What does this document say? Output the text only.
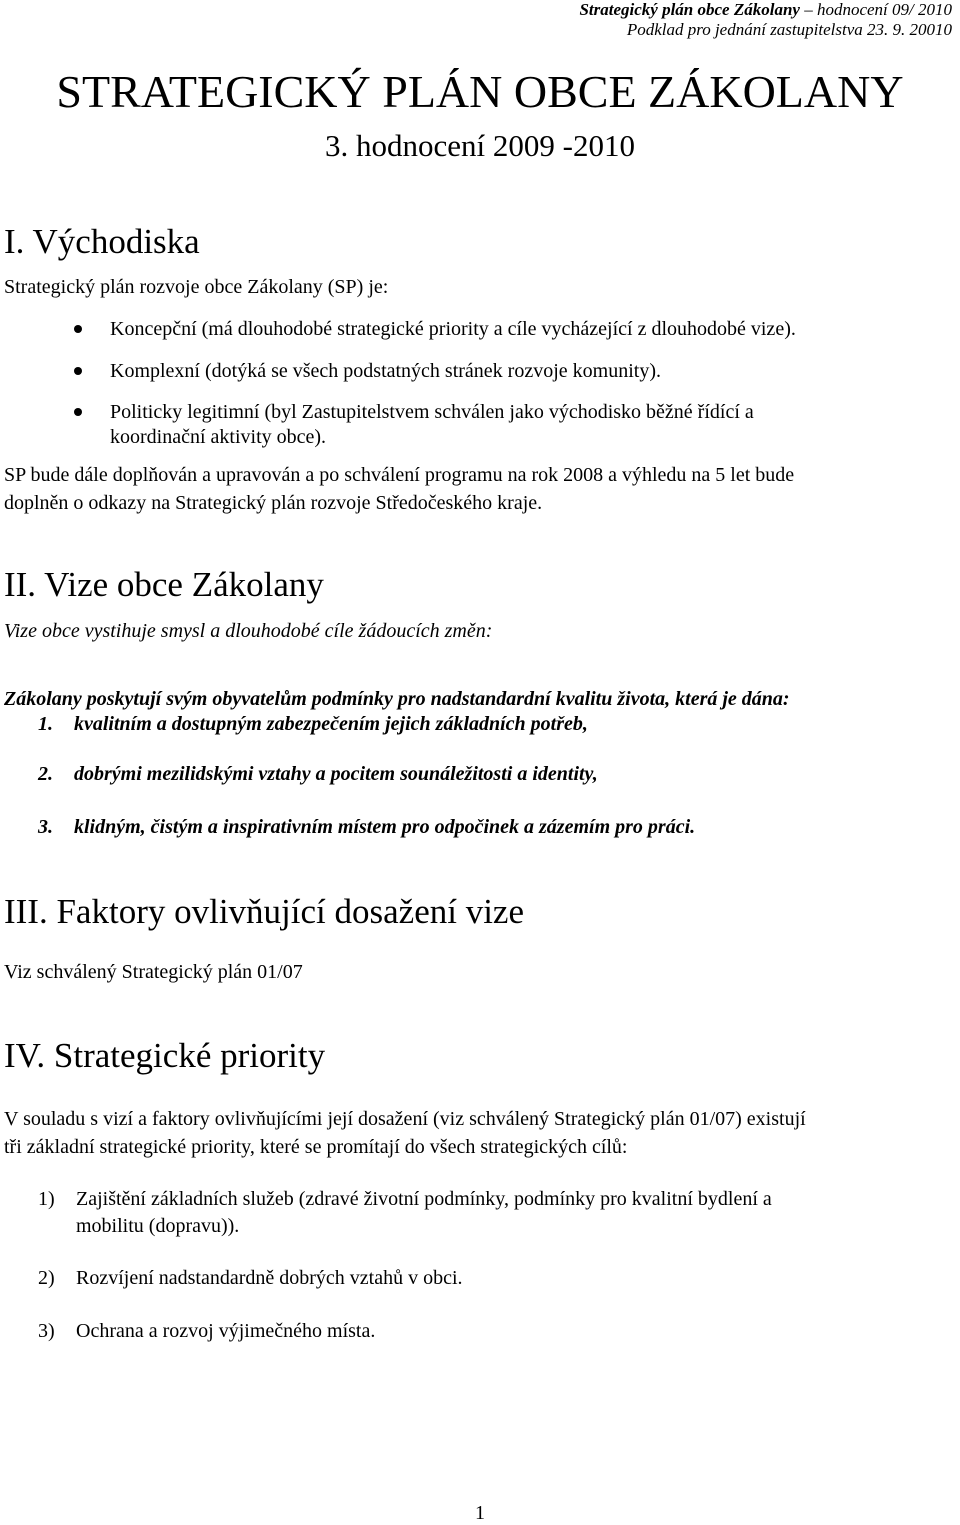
Strategický plán obce Zákolany – hodnocení 09/ 2010
Podklad pro jednání zastupitelstva 23. 9. 20010
STRATEGICKÝ PLÁN OBCE ZÁKOLANY
3. hodnocení 2009 -2010
I. Východiska
Strategický plán rozvoje obce Zákolany (SP) je:
Koncepční (má dlouhodobé strategické priority a cíle vycházející z dlouhodobé vize).
Komplexní (dotýká se všech podstatných stránek rozvoje komunity).
Politicky legitimní (byl Zastupitelstvem schválen jako východisko běžné řídící a
koordinační aktivity obce).
SP bude dále doplňován a upravován a po schválení programu na rok 2008 a výhledu na 5 let bude
doplněn o odkazy na Strategický plán rozvoje Středočeského kraje.
II. Vize obce Zákolany
Vize obce vystihuje smysl a dlouhodobé cíle žádoucích změn:
Zákolany poskytují svým obyvatelům podmínky pro nadstandardní kvalitu života, která je dána:
1. kvalitním a dostupným zabezpečením jejich základních potřeb,
2. dobrými mezilidskými vztahy a pocitem sounáležitosti a identity,
3. klidným, čistým a inspirativním místem pro odpočinek a zázemím pro práci.
III. Faktory ovlivňující dosažení vize
Viz schválený Strategický plán 01/07
IV. Strategické priority
V souladu s vizí a faktory ovlivňujícími její dosažení (viz schválený Strategický plán 01/07) existují
tři základní strategické priority, které se promítají do všech strategických cílů:
1) Zajištění základních služeb (zdravé životní podmínky, podmínky pro kvalitní bydlení a
mobilitu (dopravu)).
2) Rozvíjení nadstandardně dobrých vztahů v obci.
3) Ochrana a rozvoj výjimečného místa.
1
